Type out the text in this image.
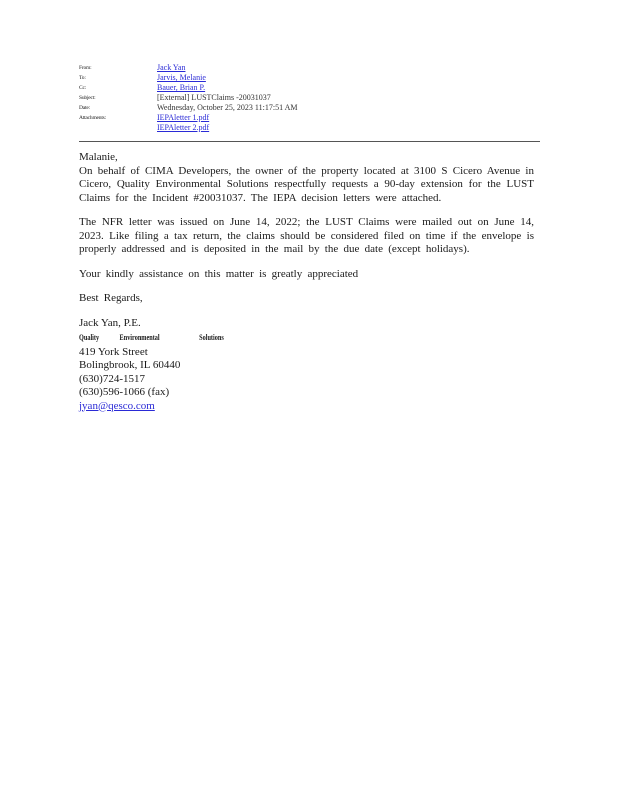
From:	Jack Yan
To:	Jarvis, Melanie
Cc:	Bauer, Brian P.
Subject:	[External] LUSTClaims -20031037
Date:	Wednesday, October 25, 2023 11:17:51 AM
Attachments:	IEPAletter 1.pdf
IEPAletter 2.pdf

Malanie,

On behalf of CIMA Developers, the owner of the property located at 3100 S Cicero Avenue in Cicero, Quality Environmental Solutions respectfully requests a 90-day extension for the LUST Claims for the Incident #20031037. The IEPA decision letters were attached.

The NFR letter was issued on June 14, 2022; the LUST Claims were mailed out on June 14, 2023. Like filing a tax return, the claims should be considered filed on time if the envelope is properly addressed and is deposited in the mail by the due date (except holidays).

Your kindly assistance on this matter is greatly appreciated

Best Regards,

Jack Yan, P.E.

Quality	Environmental	Solutions

419 York Street

Bolingbrook, IL 60440

(630)724-1517

(630)596-1066 (fax)

jyan@qesco.com
